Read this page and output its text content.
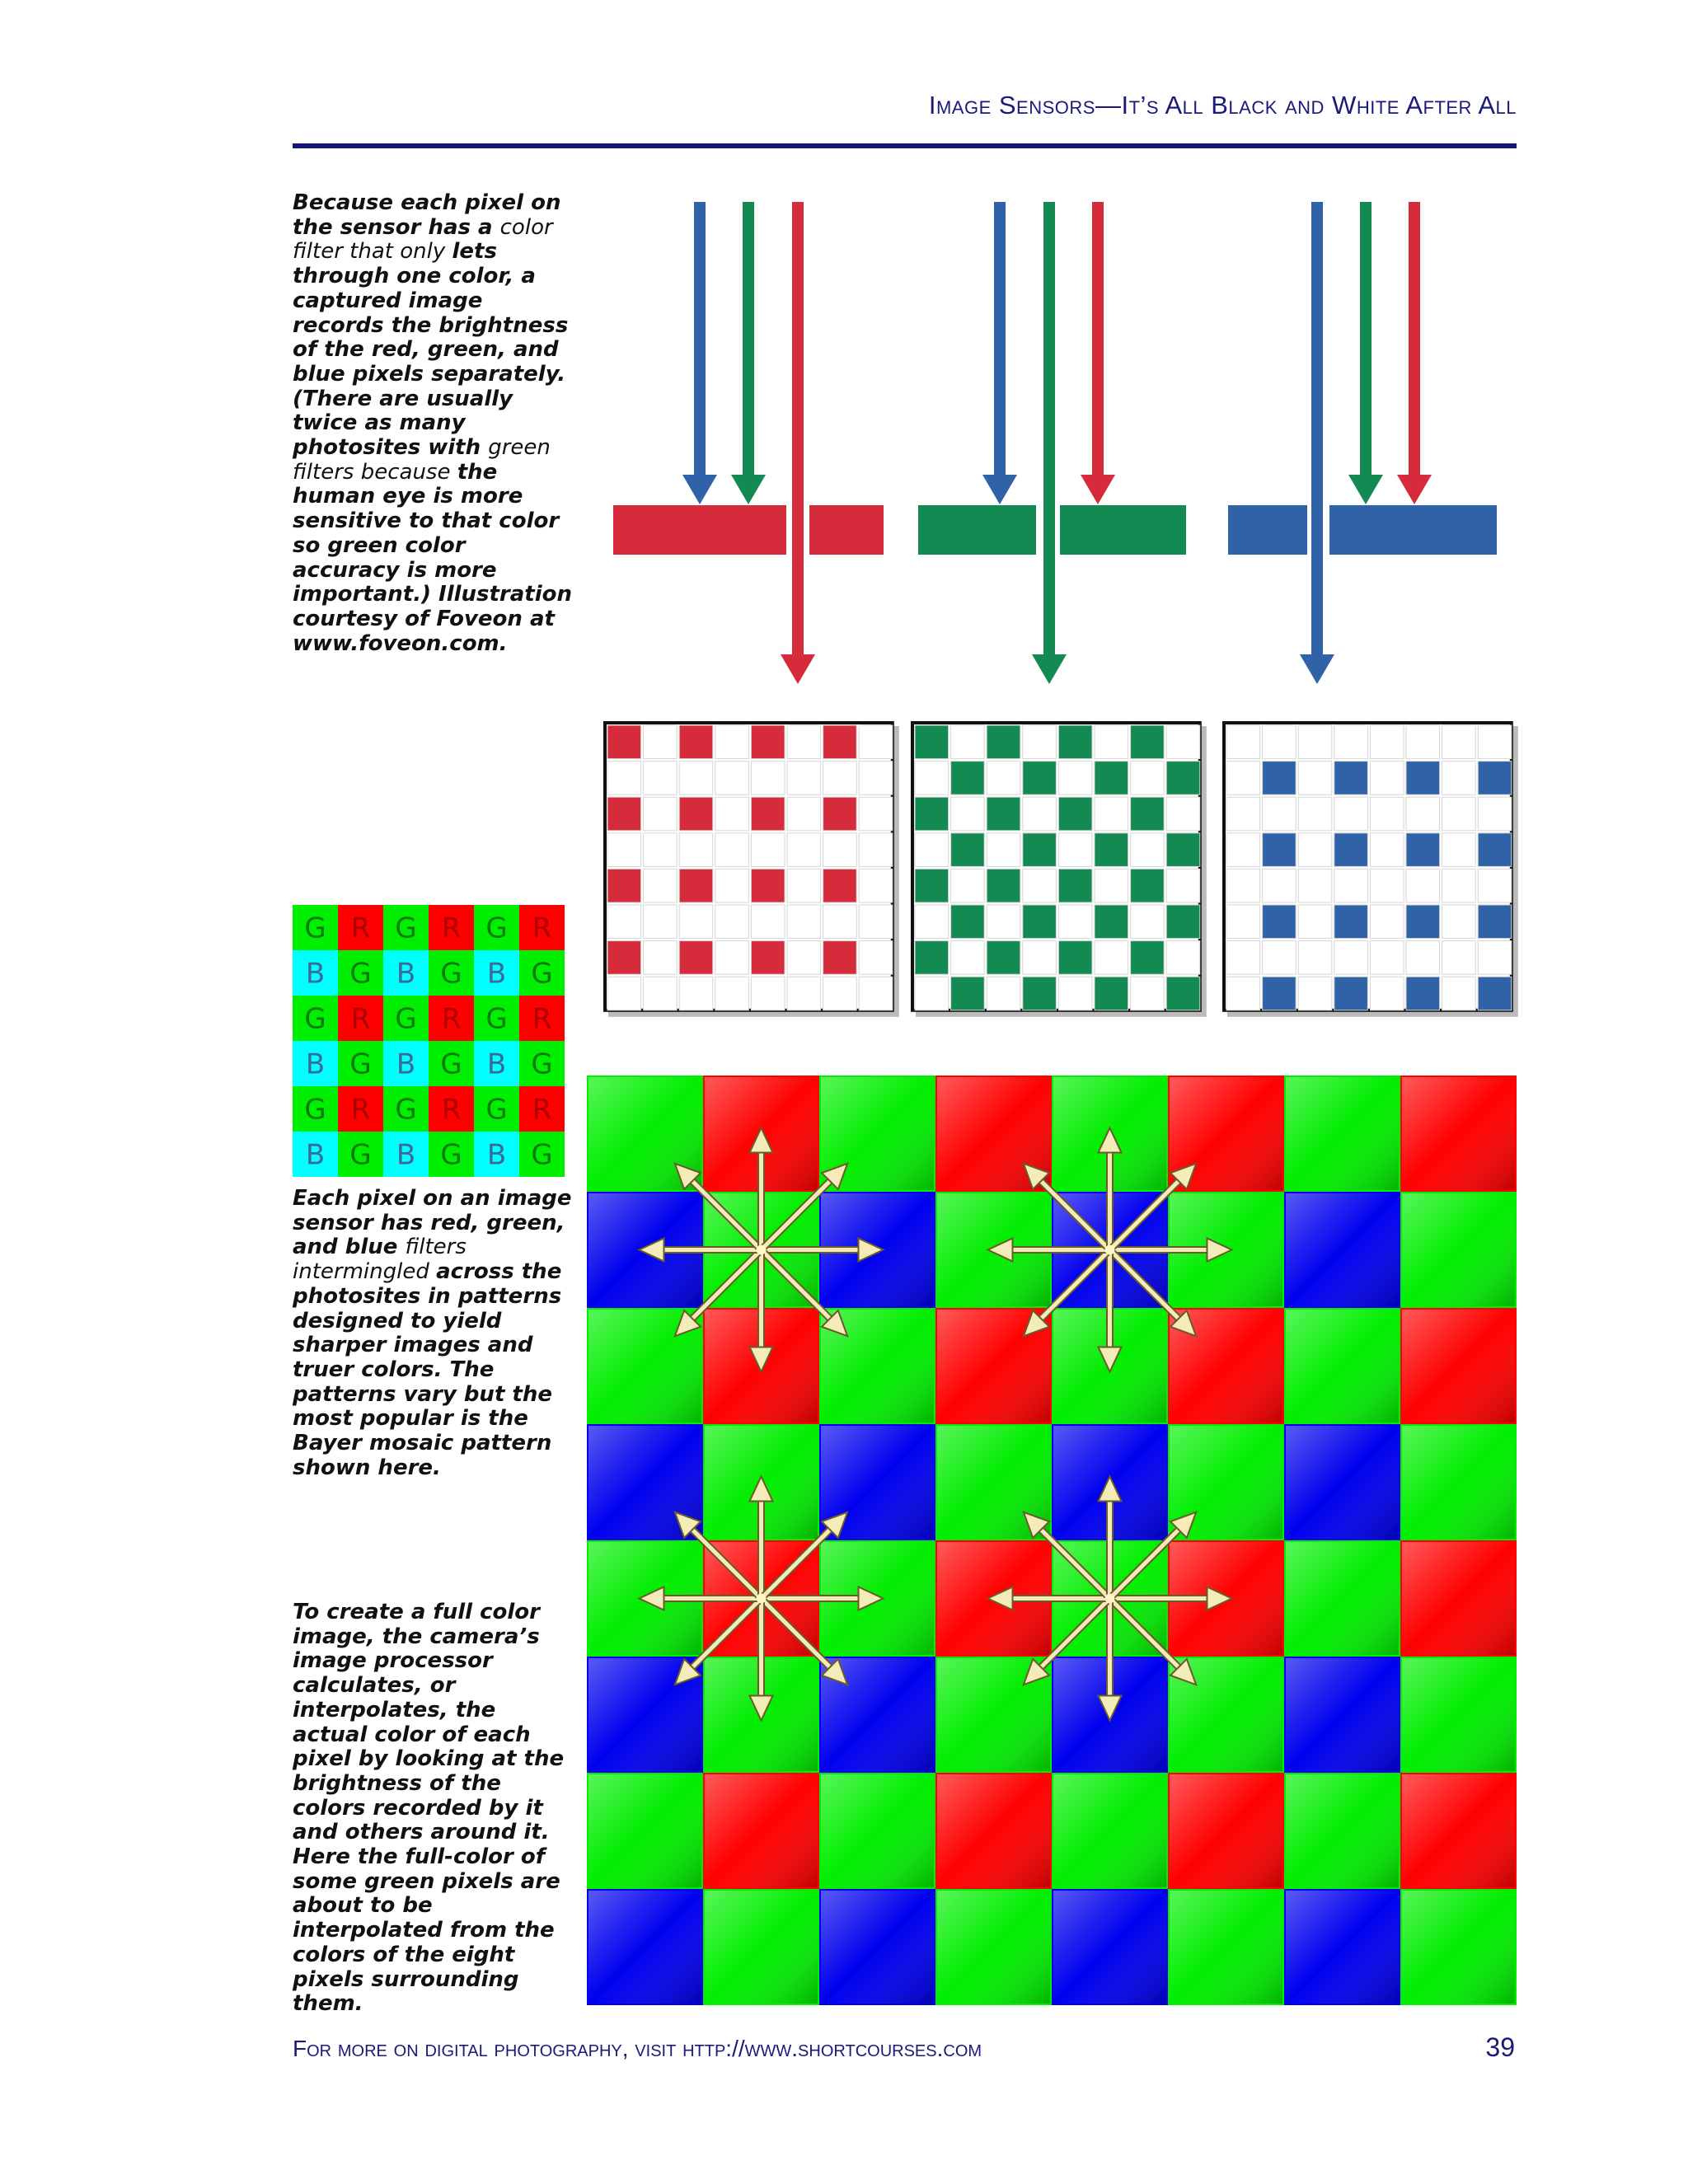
Image Sensors—It’s All Black and White After All
Because each pixel on the sensor has a color filter that only lets through one color, a captured image records the brightness of the red, green, and blue pixels separately. (There are usually twice as many photosites with green filters because the human eye is more sensitive to that color so green color accuracy is more important.) Illustration courtesy of Foveon at www.foveon.com.
Each pixel on an image sensor has red, green, and blue filters intermingled across the photosites in patterns designed to yield sharper images and truer colors. The patterns vary but the most popular is the Bayer mosaic pattern shown here.
To create a full color image, the camera’s image processor calculates, or interpolates, the actual color of each pixel by looking at the brightness of the colors recorded by it and others around it. Here the full-color of some green pixels are about to be interpolated from the colors of the eight pixels surrounding them.
G R G R G R
B G B G B G
G R G R G R
B G B G B G
G R G R G R
B G B G B G
For more on digital photography, visit http://www.shortcourses.com	39
